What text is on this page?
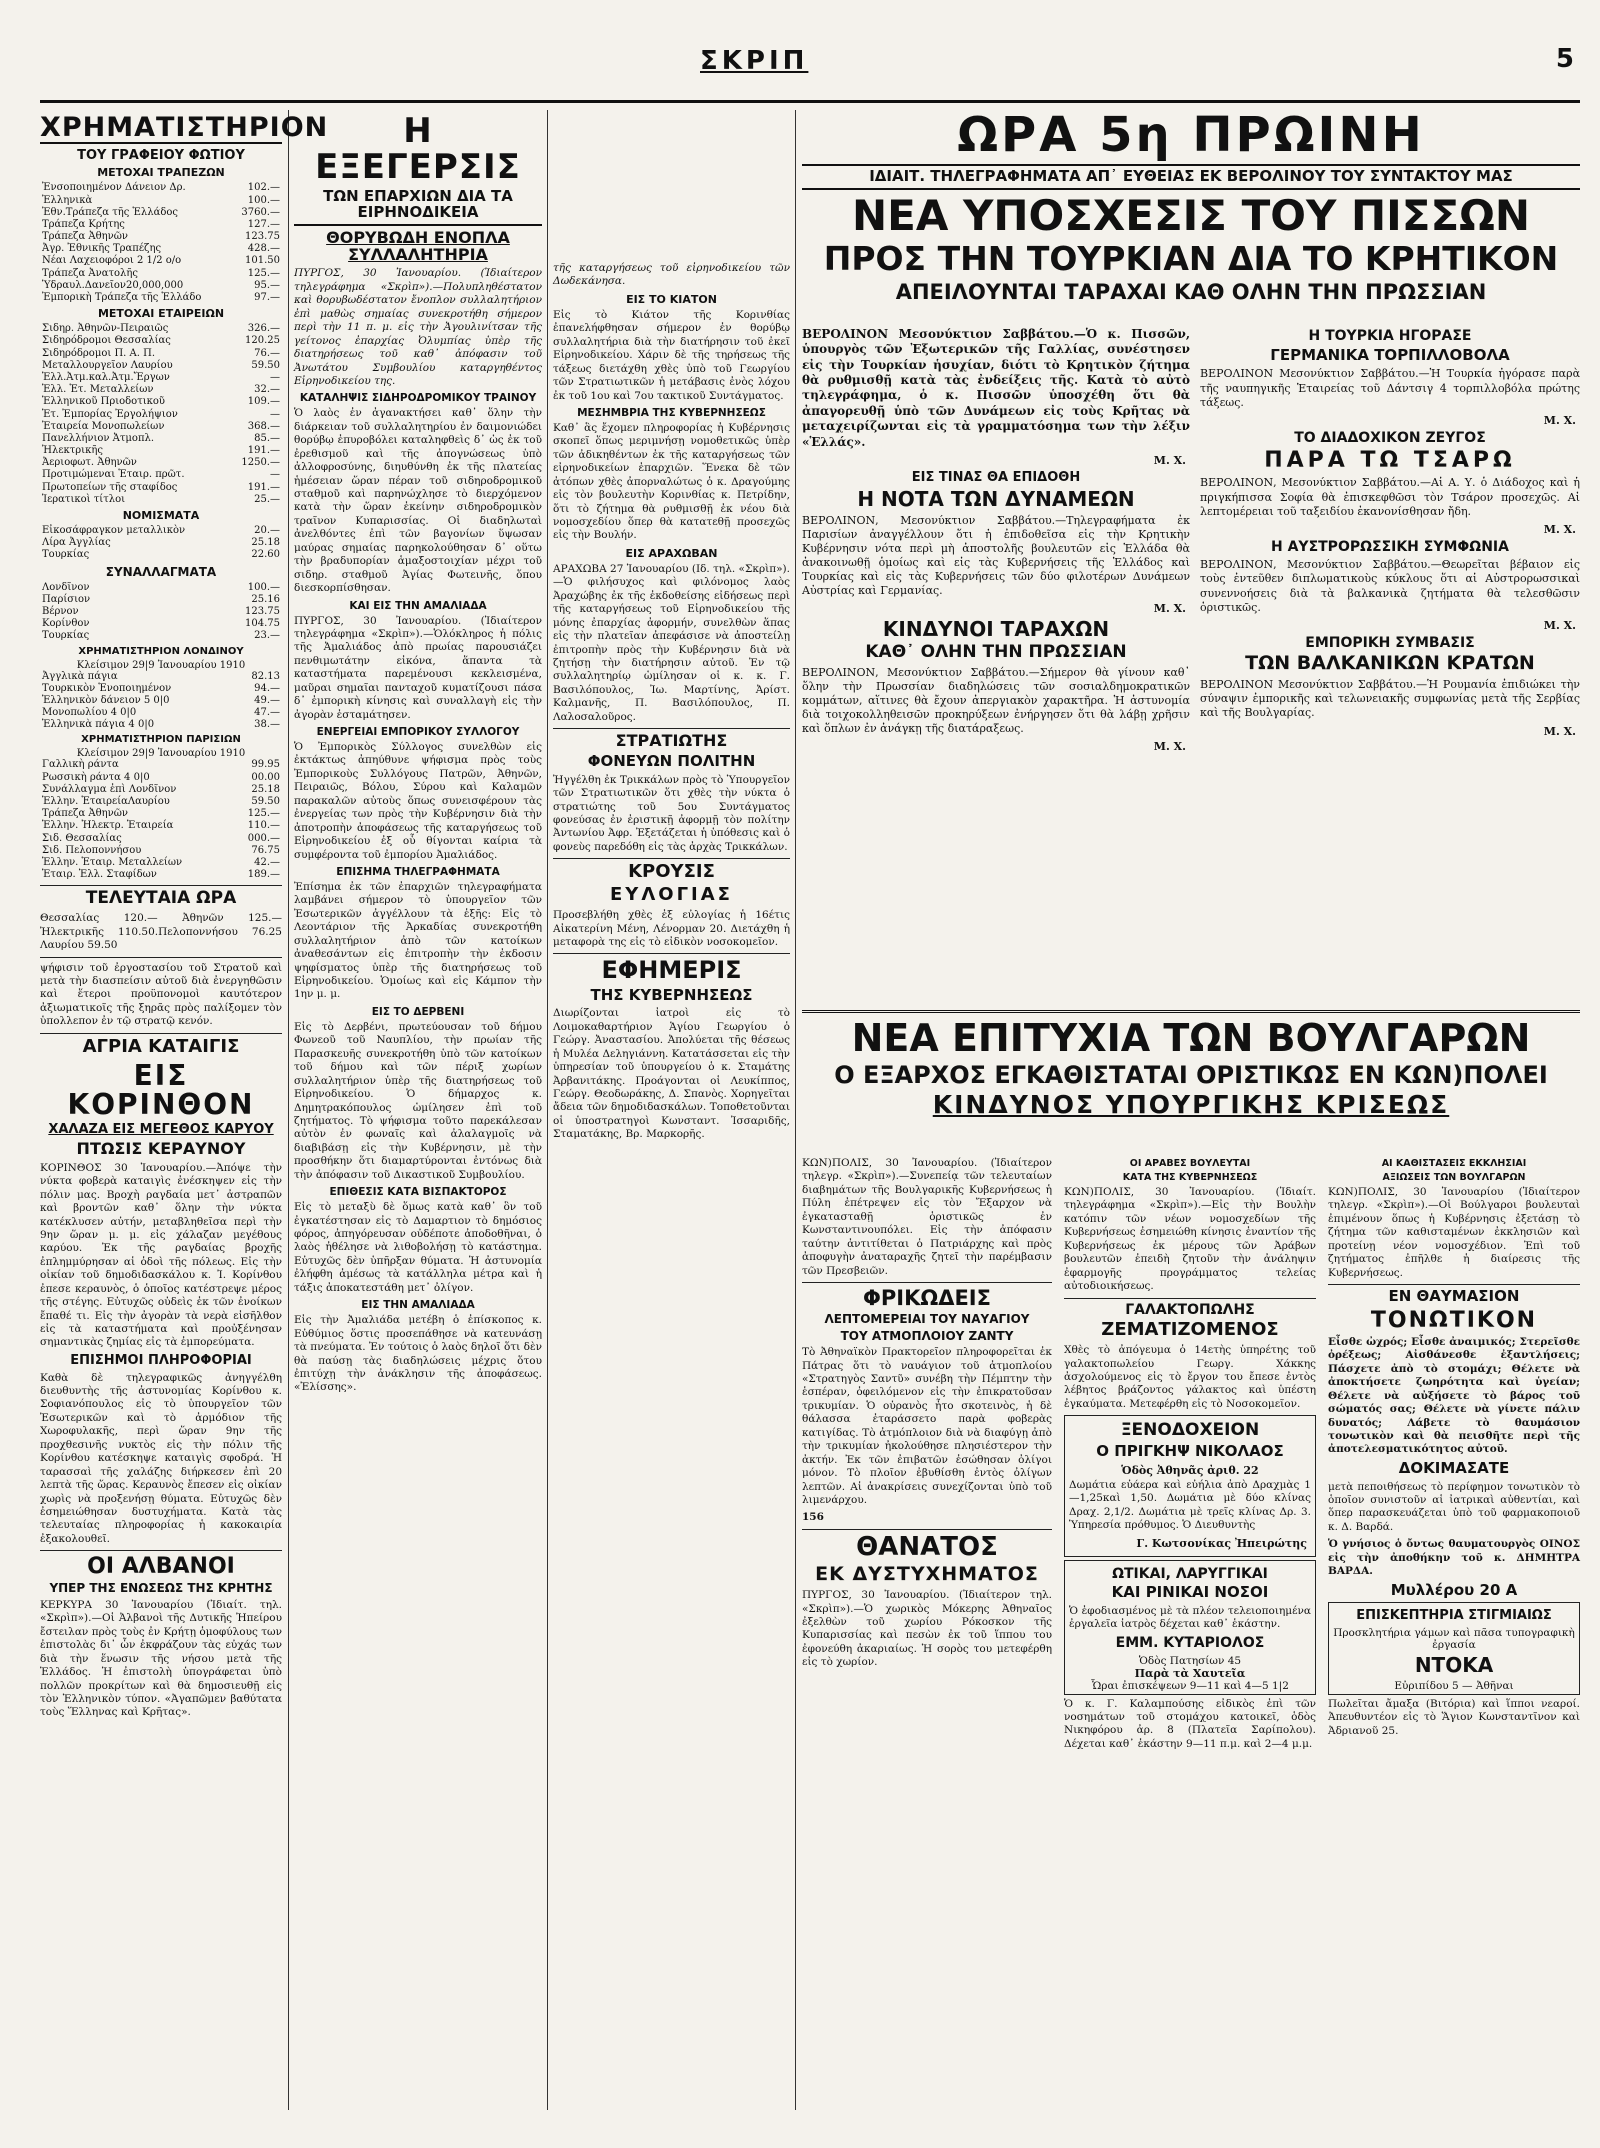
ΣΚΡΙΠ	5
ΧΡΗΜΑΤΙΣΤΗΡΙΟΝ
ΤΟΥ ΓΡΑΦΕΙΟΥ ΦΩΤΙΟΥ
ΜΕΤΟΧΑΙ ΤΡΑΠΕΖΩΝ
Ἐνσοποιημένον Δάνειον Δρ.	102.—
Ἐλληνικὰ	100.—
Ἐθν.Τράπεζα τῆς Ἑλλάδος	3760.—
Τράπεζα Κρήτης	127.—
Τράπεζα Ἀθηνῶν	123.75
Ἀγρ. Ἐθνικῆς Τραπέζης	428.—
Νέαι Λαχειοφόροι 2 1/2 ο/ο	101.50
Τράπεζα Ἀνατολῆς	125.—
Ὑδραυλ.Δανεῖον20,000,000	95.—
Ἐμπορικὴ Τράπεζα τῆς Ἑλλάδο	97.—
ΜΕΤΟΧΑΙ ΕΤΑΙΡΕΙΩΝ
Σιδηρ. Ἀθηνῶν-Πειραιῶς	326.—
Σιδηρόδρομοι Θεσσαλίας	120.25
Σιδηρόδρομοι Π. Α. Π.	76.—
Μεταλλουργεῖον Λαυρίου	59.50
Ἑλλ.Ἀτμ.καλ.Ἀτμ.Ἔργων	—
Ἑλλ. Ἑτ. Μεταλλείων	32.—
Ἑλληνικοῦ Πριοδοτικοῦ	109.—
Ἑτ. Ἐμπορίας Ἐργολήψιον	—
Ἐταιρεία Μονοπωλείων	368.—
Πανελλήνιον Ἀτμοπλ.	85.—
Ἠλεκτρικῆς	191.—
Ἀεριοφωτ. Ἀθηνῶν	1250.—
Προτιμώμεναι Ἑταιρ. πρῶτ.	—
Πρωτοπείων τῆς σταφίδος	191.—
Ἱερατικοὶ τίτλοι	25.—
ΝΟΜΙΣΜΑΤΑ
Εἰκοσάφραγκον μεταλλικὸν	20.—
Λίρα Ἀγγλίας	25.18
Τουρκίας	22.60
ΣΥΝΑΛΛΑΓΜΑΤΑ
Λονδῖνον	100.—
Παρίσιον	25.16
Βέρνον	123.75
Κορίνθον	104.75
Τουρκίας	23.—
ΧΡΗΜΑΤΙΣΤΗΡΙΟΝ ΛΟΝΔΙΝΟΥ
Κλείσιμον 29|9 Ἰανουαρίου 1910
Ἀγγλικὰ πάγια	82.13
Τουρκικὸν Ἑνοποιημένον	94.—
Ἑλληνικὸν δάνειον 5 0|0	49.—
Μονοπωλίου 4 0|0	47.—
Ἑλληνικὰ πάγια 4 0|0	38.—
ΧΡΗΜΑΤΙΣΤΗΡΙΟΝ ΠΑΡΙΣΙΩΝ
Κλείσιμον 29|9 Ἰανουαρίου 1910
Γαλλικὴ ράντα	99.95
Ρωσσικὴ ράντα 4 0|0	00.00
Συνάλλαγμα ἐπὶ Λονδῖνον	25.18
Ἑλλην. ἙταιρείαΛαυρίου	59.50
Τράπεζα Ἀθηνῶν	125.—
Ἑλλην. Ἠλεκτρ. Ἑταιρεία	110.—
Σιδ. Θεσσαλίας	000.—
Σιδ. Πελοποννήσου	76.75
Ἑλλην. Ἑταιρ. Μεταλλείων	42.—
Ἑταιρ. Ἑλλ. Σταφίδων	189.—
ΤΕΛΕΥΤΑΙΑ ΩΡΑ
Θεσσαλίας 120.— Ἀθηνῶν 125.— Ἠλεκτρικῆς 110.50.Πελοποννήσου 76.25 Λαυρίου 59.50
ψήφισιν τοῦ ἐργοστασίου τοῦ Στρατοῦ καὶ μετὰ τὴν διασπείσιν αὐτοῦ διὰ ἐνεργηθῶσιν καὶ ἕτεροι προϋπονομοὶ καυτότερον ἀξιωματικοῖς τῆς ξηρᾶς πρὸς παλίξομεν τὸν ὑπολλεπον ἐν τῷ στρατῷ κενόν.
ΑΓΡΙΑ ΚΑΤΑΙΓΙΣ
ΕΙΣ ΚΟΡΙΝΘΟΝ
ΧΑΛΑΖΑ ΕΙΣ ΜΕΓΕΘΟΣ ΚΑΡΥΟΥ
ΠΤΩΣΙΣ ΚΕΡΑΥΝΟΥ
ΚΟΡΙΝΘΟΣ 30 Ἰανουαρίου.—Ἀπόψε τὴν νύκτα φοβερὰ καταιγὶς ἐνέσκηψεν εἰς τὴν πόλιν μας. Βροχὴ ραγδαία μετ᾽ ἀστραπῶν καὶ βροντῶν καθ᾽ ὅλην τὴν νύκτα κατέκλυσεν αὐτήν, μεταβληθεῖσα περὶ τὴν 9ην ὥραν μ. μ. εἰς χάλαζαν μεγέθους καρύου. Ἐκ τῆς ραγδαίας βροχῆς ἐπλημμύρησαν αἱ ὁδοὶ τῆς πόλεως. Εἰς τὴν οἰκίαν τοῦ δημοδιδασκάλου κ. Ἰ. Κορίνθου ἐπεσε κεραυνὸς, ὁ ὁποῖος κατέστρεψε μέρος τῆς στέγης. Εὐτυχῶς οὐδεὶς ἐκ τῶν ἐνοίκων ἔπαθέ τι. Εἰς τὴν ἀγορὰν τὰ νερὰ εἰσῆλθον εἰς τὰ καταστήματα καὶ προὐξένησαν σημαντικὰς ζημίας εἰς τὰ ἐμπορεύματα.
ΕΠΙΣΗΜΟΙ ΠΛΗΡΟΦΟΡΙΑΙ
Καθὰ δὲ τηλεγραφικῶς ἀνηγγέλθη διευθυντὴς τῆς ἀστυνομίας Κορίνθου κ. Σοφιανόπουλος εἰς τὸ ὑπουργεῖον τῶν Ἐσωτερικῶν καὶ τὸ ἀρμόδιον τῆς Χωροφυλακῆς, περὶ ὥραν 9ην τῆς προχθεσινῆς νυκτὸς εἰς τὴν πόλιν τῆς Κορίνθου κατέσκηψε καταιγὶς σφοδρά. Ἡ ταρασσαὶ τῆς χαλάζης διήρκεσεν ἐπὶ 20 λεπτὰ τῆς ὥρας. Κεραυνὸς ἔπεσεν εἰς οἰκίαν χωρὶς νὰ προξενήσῃ θύματα. Εὐτυχῶς δὲν ἐσημειώθησαν δυστυχήματα. Κατὰ τὰς τελευταίας πληροφορίας ἡ κακοκαιρία ἐξακολουθεῖ.
ΟΙ ΑΛΒΑΝΟΙ
ΥΠΕΡ ΤΗΣ ΕΝΩΣΕΩΣ ΤΗΣ ΚΡΗΤΗΣ
ΚΕΡΚΥΡΑ 30 Ἰανουαρίου (Ἰδιαίτ. τηλ. «Σκρὶπ»).—Οἱ Ἀλβανοὶ τῆς Δυτικῆς Ἠπείρου ἔστειλαν πρὸς τοὺς ἐν Κρήτῃ ὁμοφύλους των ἐπιστολὰς δι᾽ ὧν ἐκφράζουν τὰς εὐχάς των διὰ τὴν ἕνωσιν τῆς νήσου μετὰ τῆς Ἑλλάδος. Ἡ ἐπιστολὴ ὑπογράφεται ὑπὸ πολλῶν προκρίτων καὶ θὰ δημοσιευθῇ εἰς τὸν Ἑλληνικὸν τύπον. «Ἀγαπῶμεν βαθύτατα τοὺς Ἕλληνας καὶ Κρῆτας».
Η ΕΞΕΓΕΡΣΙΣ
ΤΩΝ ΕΠΑΡΧΙΩΝ ΔΙΑ ΤΑ ΕΙΡΗΝΟΔΙΚΕΙΑ
ΘΟΡΥΒΩΔΗ ΕΝΟΠΛΑ ΣΥΛΛΑΛΗΤΗΡΙΑ
ΠΥΡΓΟΣ, 30 Ἰανουαρίου. (Ἰδιαίτερον τηλεγράφημα «Σκρὶπ»).—Πολυπληθέστατον καὶ θορυβωδέστατον ἔνοπλον συλλαλητήριον ἐπὶ μαθὼς σημαίας συνεκροτήθη σήμερον περὶ τὴν 11 π. μ. εἰς τὴν Ἀγουλινίτσαν τῆς γείτονος ἐπαρχίας Ὀλυμπίας ὑπὲρ τῆς διατηρήσεως τοῦ καθ᾽ ἀπόφασιν τοῦ Ἀνωτάτου Συμβουλίου καταργηθέντος Εἰρηνοδικείου της.
ΚΑΤΑΛΗΨΙΣ ΣΙΔΗΡΟΔΡΟΜΙΚΟΥ ΤΡΑΙΝΟΥ
Ὁ λαὸς ἐν ἀγανακτήσει καθ᾽ ὅλην τὴν διάρκειαν τοῦ συλλαλητηρίου ἐν δαιμονιώδει θορύβῳ ἐπυροβόλει καταληφθεὶς δ᾽ ὡς ἐκ τοῦ ἐρεθισμοῦ καὶ τῆς ἀπογνώσεως ὑπὸ ἀλλοφροσύνης, διηυθύνθη ἐκ τῆς πλατείας ἡμέσειαν ὥραν πέραν τοῦ σιδηροδρομικοῦ σταθμοῦ καὶ παρηνώχλησε τὸ διερχόμενον κατὰ τὴν ὥραν ἐκείνην σιδηροδρομικὸν τραῖνον Κυπαρισσίας. Οἱ διαδηλωταὶ ἀνελθόντες ἐπὶ τῶν βαγονίων ὕψωσαν μαύρας σημαίας παρηκολούθησαν δ᾽ οὕτω τὴν βραδυπορίαν ἁμαξοστοιχίαν μέχρι τοῦ σιδηρ. σταθμοῦ Ἀγίας Φωτεινῆς, ὅπου διεσκορπίσθησαν.
ΚΑΙ ΕΙΣ ΤΗΝ ΑΜΑΛΙΑΔΑ
ΠΥΡΓΟΣ, 30 Ἰανουαρίου. (Ἰδιαίτερον τηλεγράφημα «Σκρὶπ»).—Ὁλόκληρος ἡ πόλις τῆς Ἀμαλιάδος ἀπὸ πρωίας παρουσιάζει πενθιμωτάτην εἰκόνα, ἅπαντα τὰ καταστήματα παρεμένουσι κεκλεισμένα, μαῦραι σημαῖαι πανταχοῦ κυματίζουσι πάσα δ᾽ ἐμπορικὴ κίνησις καὶ συναλλαγὴ εἰς τὴν ἀγορὰν ἐσταμάτησεν.
ΕΝΕΡΓΕΙΑΙ ΕΜΠΟΡΙΚΟΥ ΣΥΛΛΟΓΟΥ
Ὁ Ἐμπορικὸς Σύλλογος συνελθὼν εἰς ἐκτάκτως ἀπηύθυνε ψήφισμα πρὸς τοὺς Ἐμπορικοὺς Συλλόγους Πατρῶν, Ἀθηνῶν, Πειραιῶς, Βόλου, Σύρου καὶ Καλαμῶν παρακαλῶν αὐτοὺς ὅπως συνεισφέρουν τὰς ἐνεργείας των πρὸς τὴν Κυβέρνησιν διὰ τὴν ἀποτροπὴν ἀποφάσεως τῆς καταργήσεως τοῦ Εἰρηνοδικείου ἐξ οὗ θίγονται καίρια τὰ συμφέροντα τοῦ ἐμπορίου Ἀμαλιάδος.
ΕΠΙΣΗΜΑ ΤΗΛΕΓΡΑΦΗΜΑΤΑ
Ἐπίσημα ἐκ τῶν ἐπαρχιῶν τηλεγραφήματα λαμβάνει σήμερον τὸ ὑπουργεῖον τῶν Ἐσωτερικῶν ἀγγέλλουν τὰ ἑξῆς: Εἰς τὸ Λεοντάριον τῆς Ἀρκαδίας συνεκροτήθη συλλαλητήριον ἀπὸ τῶν κατοίκων ἀναθεσάντων εἰς ἐπιτροπὴν τὴν ἐκδοσιν ψηφίσματος ὑπὲρ τῆς διατηρήσεως τοῦ Εἰρηνοδικείου. Ὁμοίως καὶ εἰς Κάμπον τὴν 1ην μ. μ.
ΕΙΣ ΤΟ ΔΕΡΒΕΝΙ
Εἰς τὸ Δερβένι, πρωτεύουσαν τοῦ δήμου Φωνεοῦ τοῦ Ναυπλίου, τὴν πρωίαν τῆς Παρασκευῆς συνεκροτήθη ὑπὸ τῶν κατοίκων τοῦ δήμου καὶ τῶν πέριξ χωρίων συλλαλητήριον ὑπὲρ τῆς διατηρήσεως τοῦ Εἰρηνοδικείου. Ὁ δήμαρχος κ. Δημητρακόπουλος ὡμίλησεν ἐπὶ τοῦ ζητήματος. Τὸ ψήφισμα τοῦτο παρεκάλεσαν αὐτὸν ἐν φωναῖς καὶ ἀλαλαγμοῖς νὰ διαβιβάσῃ εἰς τὴν Κυβέρνησιν, μὲ τὴν προσθήκην ὅτι διαμαρτύρονται ἐντόνως διὰ τὴν ἀπόφασιν τοῦ Δικαστικοῦ Συμβουλίου.
ΕΠΙΘΕΣΙΣ ΚΑΤΑ ΒΙΣΠΑΚΤΟΡΟΣ
Εἰς τὸ μεταξὺ δὲ ὅμως κατὰ καθ᾽ ὃν τοῦ ἐγκατέστησαν εἰς τὸ Δαμαρτιον τὸ δημόσιος φόρος, ἀπηγόρευσαν οὐδέποτε ἀποδοθῆναι, ὁ λαὸς ἠθέλησε νὰ λιθοβολήσῃ τὸ κατάστημα. Εὐτυχῶς δὲν ὑπῆρξαν θύματα. Ἡ ἀστυνομία ἐλήφθη ἀμέσως τὰ κατάλληλα μέτρα καὶ ἡ τάξις ἀποκατεστάθη μετ᾽ ὀλίγον.
ΕΙΣ ΤΗΝ ΑΜΑΛΙΑΔΑ
Εἰς τὴν Ἀμαλιάδα μετέβη ὁ ἐπίσκοπος κ. Εὐθύμιος ὅστις προσεπάθησε νὰ κατευνάσῃ τὰ πνεύματα. Ἐν τούτοις ὁ λαὸς δηλοῖ ὅτι δὲν θὰ παύσῃ τὰς διαδηλώσεις μέχρις ὅτου ἐπιτύχῃ τὴν ἀνάκλησιν τῆς ἀποφάσεως. «Ἐλίσσης».
τῆς καταργήσεως τοῦ εἰρηνοδικείου τῶν Δωδεκάνησα.
ΕΙΣ ΤΟ ΚΙΑΤΟΝ
Εἰς τὸ Κιάτον τῆς Κορινθίας ἐπανελήφθησαν σήμερον ἐν θορύβῳ συλλαλητήρια διὰ τὴν διατήρησιν τοῦ ἐκεῖ Εἰρηνοδικείου. Χάριν δὲ τῆς τηρήσεως τῆς τάξεως διετάχθη χθὲς ὑπὸ τοῦ Γεωργίου τῶν Στρατιωτικῶν ἡ μετάβασις ἐνὸς λόχου ἐκ τοῦ 1ου καὶ 7ου τακτικοῦ Συντάγματος.
ΜΕΣΗΜΒΡΙΑ ΤΗΣ ΚΥΒΕΡΝΗΣΕΩΣ
Καθ᾽ ἃς ἔχομεν πληροφορίας ἡ Κυβέρνησις σκοπεῖ ὅπως μεριμνήσῃ νομοθετικῶς ὑπὲρ τῶν ἀδικηθέντων ἐκ τῆς καταργήσεως τῶν εἰρηνοδικείων ἐπαρχιῶν. Ἕνεκα δὲ τῶν ἀτόπων χθὲς ἀπορναλώτως ὁ κ. Δραγούμης εἰς τὸν βουλευτὴν Κορινθίας κ. Πετρίδην, ὅτι τὸ ζήτημα θὰ ρυθμισθῇ ἐκ νέου διὰ νομοσχεδίου ὅπερ θὰ κατατεθῇ προσεχῶς εἰς τὴν Βουλήν.
ΕΙΣ ΑΡΑΧΩΒΑΝ
ΑΡΑΧΩΒΑ 27 Ἰανουαρίου (Ιδ. τηλ. «Σκρὶπ»).—Ὁ φιλήσυχος καὶ φιλόνομος λαὸς Ἀραχώβης ἐκ τῆς ἐκδοθείσης εἰδήσεως περὶ τῆς καταργήσεως τοῦ Εἰρηνοδικείου τῆς μόνης ἐπαρχίας ἀφορμήν, συνελθὼν ἅπας εἰς τὴν πλατεῖαν ἀπεφάσισε νὰ ἀποστείλῃ ἐπιτροπὴν πρὸς τὴν Κυβέρνησιν διὰ νὰ ζητήσῃ τὴν διατήρησιν αὐτοῦ. Ἐν τῷ συλλαλητηρίῳ ὡμίλησαν οἱ κ. κ. Γ. Βασιλόπουλος, Ἰω. Μαρτίνης, Ἀρίστ. Καλμανῆς, Π. Βασιλόπουλος, Π. Λαλοσαλοῦρος.
ΣΤΡΑΤΙΩΤΗΣ
ΦΟΝΕΥΩΝ ΠΟΛΙΤΗΝ
Ἠγγέλθη ἐκ Τρικκάλων πρὸς τὸ Ὑπουργεῖον τῶν Στρατιωτικῶν ὅτι χθὲς τὴν νύκτα ὁ στρατιώτης τοῦ 5ου Συντάγματος φονεύσας ἐν ἐριστικῇ ἀφορμῇ τὸν πολίτην Ἀντωνίου Ἀφρ. Ἐξετάζεται ἡ ὑπόθεσις καὶ ὁ φονεὺς παρεδόθη εἰς τὰς ἀρχὰς Τρικκάλων.
ΚΡΟΥΣΙΣ
ΕΥΛΟΓΙΑΣ
Προσεβλήθη χθὲς ἐξ εὐλογίας ἡ 16έτις Αἰκατερίνη Μένη, Λένορμαν 20. Διετάχθη ἡ μεταφορὰ της εἰς τὸ εἰδικὸν νοσοκομεῖον.
ΕΦΗΜΕΡΙΣ
ΤΗΣ ΚΥΒΕΡΝΗΣΕΩΣ
Διωρίζονται ἰατροὶ εἰς τὸ Λοιμοκαθαρτήριον Ἁγίου Γεωργίου ὁ Γεώργ. Ἀναστασίου. Ἀπολύεται τῆς θέσεως ἡ Μυλέα Δεληγιάννη. Κατατάσσεται εἰς τὴν ὑπηρεσίαν τοῦ ὑπουργείου ὁ κ. Σταμάτης Ἀρβανιτάκης. Προάγονται οἱ Λευκίππος, Γεώργ. Θεοδωράκης, Δ. Σπανὸς. Χορηγεῖται ἄδεια τῶν δημοδιδασκάλων. Τοποθετοῦνται οἱ ὑποστρατηγοὶ Κωνσταντ. Ἰσσαριδῆς, Σταματάκης, Βρ. Μαρκορῆς.
ΩΡΑ 5η ΠΡΩΙΝΗ
ΙΔΙΑΙΤ. ΤΗΛΕΓΡΑΦΗΜΑΤΑ ΑΠ᾽ ΕΥΘΕΙΑΣ ΕΚ ΒΕΡΟΛΙΝΟΥ ΤΟΥ ΣΥΝΤΑΚΤΟΥ ΜΑΣ
ΝΕΑ ΥΠΟΣΧΕΣΙΣ ΤΟΥ ΠΙΣΣΩΝ
ΠΡΟΣ ΤΗΝ ΤΟΥΡΚΙΑΝ ΔΙΑ ΤΟ ΚΡΗΤΙΚΟΝ
ΑΠΕΙΛΟΥΝΤΑΙ ΤΑΡΑΧΑΙ ΚΑΘ ΟΛΗΝ ΤΗΝ ΠΡΩΣΣΙΑΝ
ΒΕΡΟΛΙΝΟΝ Μεσονύκτιον Σαββάτου.—Ὁ κ. Πισσῶν, ὑπουργὸς τῶν Ἐξωτερικῶν τῆς Γαλλίας, συνέστησεν εἰς τὴν Τουρκίαν ἡσυχίαν, διότι τὸ Κρητικὸν ζήτημα θὰ ρυθμισθῇ κατὰ τὰς ἐνδείξεις τῆς. Κατὰ τὸ αὐτὸ τηλεγράφημα, ὁ κ. Πισσῶν ὑποσχέθη ὅτι θὰ ἀπαγορευθῇ ὑπὸ τῶν Δυνάμεων εἰς τοὺς Κρῆτας νὰ μεταχειρίζωνται εἰς τὰ γραμματόσημα των τὴν λέξιν «Ἑλλάς».
Μ. Χ.
ΕΙΣ ΤΙΝΑΣ ΘΑ ΕΠΙΔΟΘΗ
Η ΝΟΤΑ ΤΩΝ ΔΥΝΑΜΕΩΝ
ΒΕΡΟΛΙΝΟΝ, Μεσονύκτιον Σαββάτου.—Τηλεγραφήματα ἐκ Παρισίων ἀναγγέλλουν ὅτι ἡ ἐπιδοθεῖσα εἰς τὴν Κρητικὴν Κυβέρνησιν νότα περὶ μὴ ἀποστολῆς βουλευτῶν εἰς Ἑλλάδα θὰ ἀνακοινωθῇ ὁμοίως καὶ εἰς τὰς Κυβερνήσεις τῆς Ἑλλάδος καὶ Τουρκίας καὶ εἰς τὰς Κυβερνήσεις τῶν δύο φιλοτέρων Δυνάμεων Αὐστρίας καὶ Γερμανίας.
Μ. Χ.
ΚΙΝΔΥΝΟΙ ΤΑΡΑΧΩΝ
ΚΑΘ᾽ ΟΛΗΝ ΤΗΝ ΠΡΩΣΣΙΑΝ
ΒΕΡΟΛΙΝΟΝ, Μεσονύκτιον Σαββάτου.—Σήμερον θὰ γίνουν καθ᾽ ὅλην τὴν Πρωσσίαν διαδηλώσεις τῶν σοσιαλδημοκρατικῶν κομμάτων, αἵτινες θὰ ἔχουν ἀπεργιακὸν χαρακτῆρα. Ἡ ἀστυνομία διὰ τοιχοκολληθεισῶν προκηρύξεων ἐνήργησεν ὅτι θὰ λάβῃ χρῆσιν καὶ ὅπλων ἐν ἀνάγκῃ τῆς διατάραξεως.
Μ. Χ.
Η ΤΟΥΡΚΙΑ ΗΓΟΡΑΣΕ
ΓΕΡΜΑΝΙΚΑ ΤΟΡΠΙΛΛΟΒΟΛΑ
ΒΕΡΟΛΙΝΟΝ Μεσονύκτιον Σαββάτου.—Ἡ Τουρκία ἠγόρασε παρὰ τῆς ναυπηγικῆς Ἑταιρείας τοῦ Δάντσιγ 4 τορπιλλοβόλα πρώτης τάξεως.
Μ. Χ.
ΤΟ ΔΙΑΔΟΧΙΚΟΝ ΖΕΥΓΟΣ
ΠΑΡΑ ΤΩ ΤΣΑΡΩ
ΒΕΡΟΛΙΝΟΝ, Μεσονύκτιον Σαββάτου.—Αἱ Α. Υ. ὁ Διάδοχος καὶ ἡ πριγκήπισσα Σοφία θὰ ἐπισκεφθῶσι τὸν Τσάρον προσεχῶς. Αἱ λεπτομέρειαι τοῦ ταξειδίου ἐκανονίσθησαν ἤδη.
Μ. Χ.
Η ΑΥΣΤΡΟΡΩΣΣΙΚΗ ΣΥΜΦΩΝΙΑ
ΒΕΡΟΛΙΝΟΝ, Μεσονύκτιον Σαββάτου.—Θεωρεῖται βέβαιον εἰς τοὺς ἐντεῦθεν διπλωματικοὺς κύκλους ὅτι αἱ Αὐστρορωσσικαὶ συνεννοήσεις διὰ τὰ βαλκανικὰ ζητήματα θὰ τελεσθῶσιν ὁριστικῶς.
Μ. Χ.
ΕΜΠΟΡΙΚΗ ΣΥΜΒΑΣΙΣ
ΤΩΝ ΒΑΛΚΑΝΙΚΩΝ ΚΡΑΤΩΝ
ΒΕΡΟΛΙΝΟΝ Μεσονύκτιον Σαββάτου.—Ἡ Ρουμανία ἐπιδιώκει τὴν σύναψιν ἐμπορικῆς καὶ τελωνειακῆς συμφωνίας μετὰ τῆς Σερβίας καὶ τῆς Βουλγαρίας.
Μ. Χ.
ΝΕΑ ΕΠΙΤΥΧΙΑ ΤΩΝ ΒΟΥΛΓΑΡΩΝ
Ο ΕΞΑΡΧΟΣ ΕΓΚΑΘΙΣΤΑΤΑΙ ΟΡΙΣΤΙΚΩΣ ΕΝ ΚΩΝ)ΠΟΛΕΙ
ΚΙΝΔΥΝΟΣ ΥΠΟΥΡΓΙΚΗΣ ΚΡΙΣΕΩΣ
ΚΩΝ)ΠΟΛΙΣ, 30 Ἰανουαρίου. (Ἰδιαίτερον τηλεγρ. «Σκρὶπ»).—Συνεπείᾳ τῶν τελευταίων διαβημάτων τῆς Βουλγαρικῆς Κυβερνήσεως ἡ Πύλη ἐπέτρεψεν εἰς τὸν Ἔξαρχον νὰ ἐγκατασταθῇ ὁριστικῶς ἐν Κωνσταντινουπόλει. Εἰς τὴν ἀπόφασιν ταύτην ἀντιτίθεται ὁ Πατριάρχης καὶ πρὸς ἀποφυγὴν ἀναταραχῆς ζητεῖ τὴν παρέμβασιν τῶν Πρεσβειῶν.
ΦΡΙΚΩΔΕΙΣ
ΛΕΠΤΟΜΕΡΕΙΑΙ ΤΟΥ ΝΑΥΑΓΙΟΥ
ΤΟΥ ΑΤΜΟΠΛΟΙΟΥ ΖΑΝΤΥ
Τὸ Ἀθηναϊκὸν Πρακτορεῖον πληροφορεῖται ἐκ Πάτρας ὅτι τὸ ναυάγιον τοῦ ἀτμοπλοίου «Στρατηγὸς Σαντῦ» συνέβη τὴν Πέμπτην τὴν ἑσπέραν, ὀφειλόμενον εἰς τὴν ἐπικρατοῦσαν τρικυμίαν. Ὁ οὐρανὸς ἦτο σκοτεινὸς, ἡ δὲ θάλασσα ἐταράσσετο παρὰ φοβερὰς κατιγίδας. Τὸ ἀτμόπλοιον διὰ νὰ διαφύγῃ ἀπὸ τὴν τρικυμίαν ἠκολούθησε πλησιέστερον τὴν ἀκτήν. Ἐκ τῶν ἐπιβατῶν ἐσώθησαν ὀλίγοι μόνον. Τὸ πλοῖον ἐβυθίσθη ἐντὸς ὀλίγων λεπτῶν. Αἱ ἀνακρίσεις συνεχίζονται ὑπὸ τοῦ λιμενάρχου.
156
ΘΑΝΑΤΟΣ
ΕΚ ΔΥΣΤΥΧΗΜΑΤΟΣ
ΠΥΡΓΟΣ, 30 Ἰανουαρίου. (Ἰδιαίτερον τηλ. «Σκρὶπ»).—Ὁ χωρικὸς Μόκερης Ἀθηναῖος ἐξελθὼν τοῦ χωρίου Ρόκοσκον τῆς Κυπαρισσίας καὶ πεσὼν ἐκ τοῦ ἵππου του ἐφονεύθη ἀκαριαίως. Ἡ σορὸς του μετεφέρθη εἰς τὸ χωρίον.
ΟΙ ΑΡΑΒΕΣ ΒΟΥΛΕΥΤΑΙ
ΚΑΤΑ ΤΗΣ ΚΥΒΕΡΝΗΣΕΩΣ
ΚΩΝ)ΠΟΛΙΣ, 30 Ἰανουαρίου. (Ἰδιαίτ. τηλεγράφημα «Σκρὶπ»).—Εἰς τὴν Βουλὴν κατόπιν τῶν νέων νομοσχεδίων τῆς Κυβερνήσεως ἐσημειώθη κίνησις ἐναντίον τῆς Κυβερνήσεως ἐκ μέρους τῶν Ἀράβων βουλευτῶν ἐπειδὴ ζητοῦν τὴν ἀνάληψιν ἐφαρμογῆς προγράμματος τελείας αὐτοδιοικήσεως.
ΓΑΛΑΚΤΟΠΩΛΗΣ
ΖΕΜΑΤΙΖΟΜΕΝΟΣ
Χθὲς τὸ ἀπόγευμα ὁ 14ετὴς ὑπηρέτης τοῦ γαλακτοπωλείου Γεωργ. Χάκκης ἀσχολούμενος εἰς τὸ ἔργον του ἔπεσε ἐντὸς λέβητος βράζοντος γάλακτος καὶ ὑπέστη ἐγκαύματα. Μετεφέρθη εἰς τὸ Νοσοκομεῖον.
ΞΕΝΟΔΟΧΕΙΟΝ
Ο ΠΡΙΓΚΗΨ ΝΙΚΟΛΑΟΣ
Ὁδὸς Ἀθηνᾶς ἀριθ. 22
Δωμάτια εὐάερα καὶ εὐήλια ἀπὸ Δραχμὰς 1—1,25καὶ 1,50. Δωμάτια μὲ δύο κλίνας Δραχ. 2,1/2. Δωμάτια μὲ τρεῖς κλίνας Δρ. 3. Ὑπηρεσία πρόθυμος. Ὁ Διευθυντὴς
Γ. Κωτσονίκας Ἠπειρώτης
ΩΤΙΚΑΙ, ΛΑΡΥΓΓΙΚΑΙ
ΚΑΙ ΡΙΝΙΚΑΙ ΝΟΣΟΙ
Ὁ ἐφοδιασμένος μὲ τὰ πλέον τελειοποιημένα ἐργαλεῖα ἰατρὸς δέχεται καθ᾽ ἑκάστην.
ΕΜΜ. ΚΥΤΑΡΙΟΛΟΣ
Ὁδὸς Πατησίων 45
Παρὰ τὰ Χαυτεῖα
Ὧραι ἐπισκέψεων 9—11 καὶ 4—5 1|2
Ὁ κ. Γ. Καλαμπούσης εἰδικὸς ἐπὶ τῶν νοσημάτων τοῦ στομάχου κατοικεῖ, ὁδὸς Νικηφόρου ἀρ. 8 (Πλατεῖα Σαρίπολου). Δέχεται καθ᾽ ἑκάστην 9—11 π.μ. καὶ 2—4 μ.μ.
ΑΙ ΚΑΘΙΣΤΑΣΕΙΣ ΕΚΚΛΗΣΙΑΙ
ΑΞΙΩΣΕΙΣ ΤΩΝ ΒΟΥΛΓΑΡΩΝ
ΚΩΝ)ΠΟΛΙΣ, 30 Ἰανουαρίου (Ἰδιαίτερον τηλεγρ. «Σκρὶπ»).—Οἱ Βούλγαροι βουλευταὶ ἐπιμένουν ὅπως ἡ Κυβέρνησις ἐξετάσῃ τὸ ζήτημα τῶν καθισταμένων ἐκκλησιῶν καὶ προτείνῃ νέον νομοσχέδιον. Ἐπὶ τοῦ ζητήματος ἐπῆλθε ἡ διαίρεσις τῆς Κυβερνήσεως.
ΕΝ ΘΑΥΜΑΣΙΟΝ
ΤΟΝΩΤΙΚΟΝ
Εἶσθε ὠχρός; Εἶσθε ἀναιμικός; Στερεῖσθε ὀρέξεως; Αἰσθάνεσθε ἐξαντλήσεις; Πάσχετε ἀπὸ τὸ στομάχι; Θέλετε νὰ ἀποκτήσετε ζωηρότητα καὶ ὑγείαν; Θέλετε νὰ αὐξήσετε τὸ βάρος τοῦ σώματός σας; Θέλετε νὰ γίνετε πάλιν δυνατός; Λάβετε τὸ θαυμάσιον τονωτικὸν καὶ θὰ πεισθῆτε περὶ τῆς ἀποτελεσματικότητος αὐτοῦ.
ΔΟΚΙΜΑΣΑΤΕ
μετὰ πεποιθήσεως τὸ περίφημον τονωτικὸν τὸ ὁποῖον συνιστοῦν αἱ ἰατρικαὶ αὐθεντίαι, καὶ ὅπερ παρασκευάζεται ὑπὸ τοῦ φαρμακοποιοῦ κ. Δ. Βαρδά.
Ὁ γνήσιος ὁ ὄντως θαυματουργὸς ΟΙΝΟΣ εἰς τὴν ἀποθήκην τοῦ κ. ΔΗΜΗΤΡΑ ΒΑΡΔΑ.
Μυλλέρου 20 Α
ΕΠΙΣΚΕΠΤΗΡΙΑ ΣΤΙΓΜΙΑΙΩΣ
Προσκλητήρια γάμων καὶ πᾶσα τυπογραφικὴ ἐργασία
ΝΤΟΚΑ
Εὐριπίδου 5 — Ἀθῆναι
Πωλεῖται ἄμαξα (Βιτόρια) καὶ ἵπποι νεαροί. Ἀπευθυντέον εἰς τὸ Ἅγιον Κωνσταντῖνον καὶ Ἀδριανοῦ 25.
